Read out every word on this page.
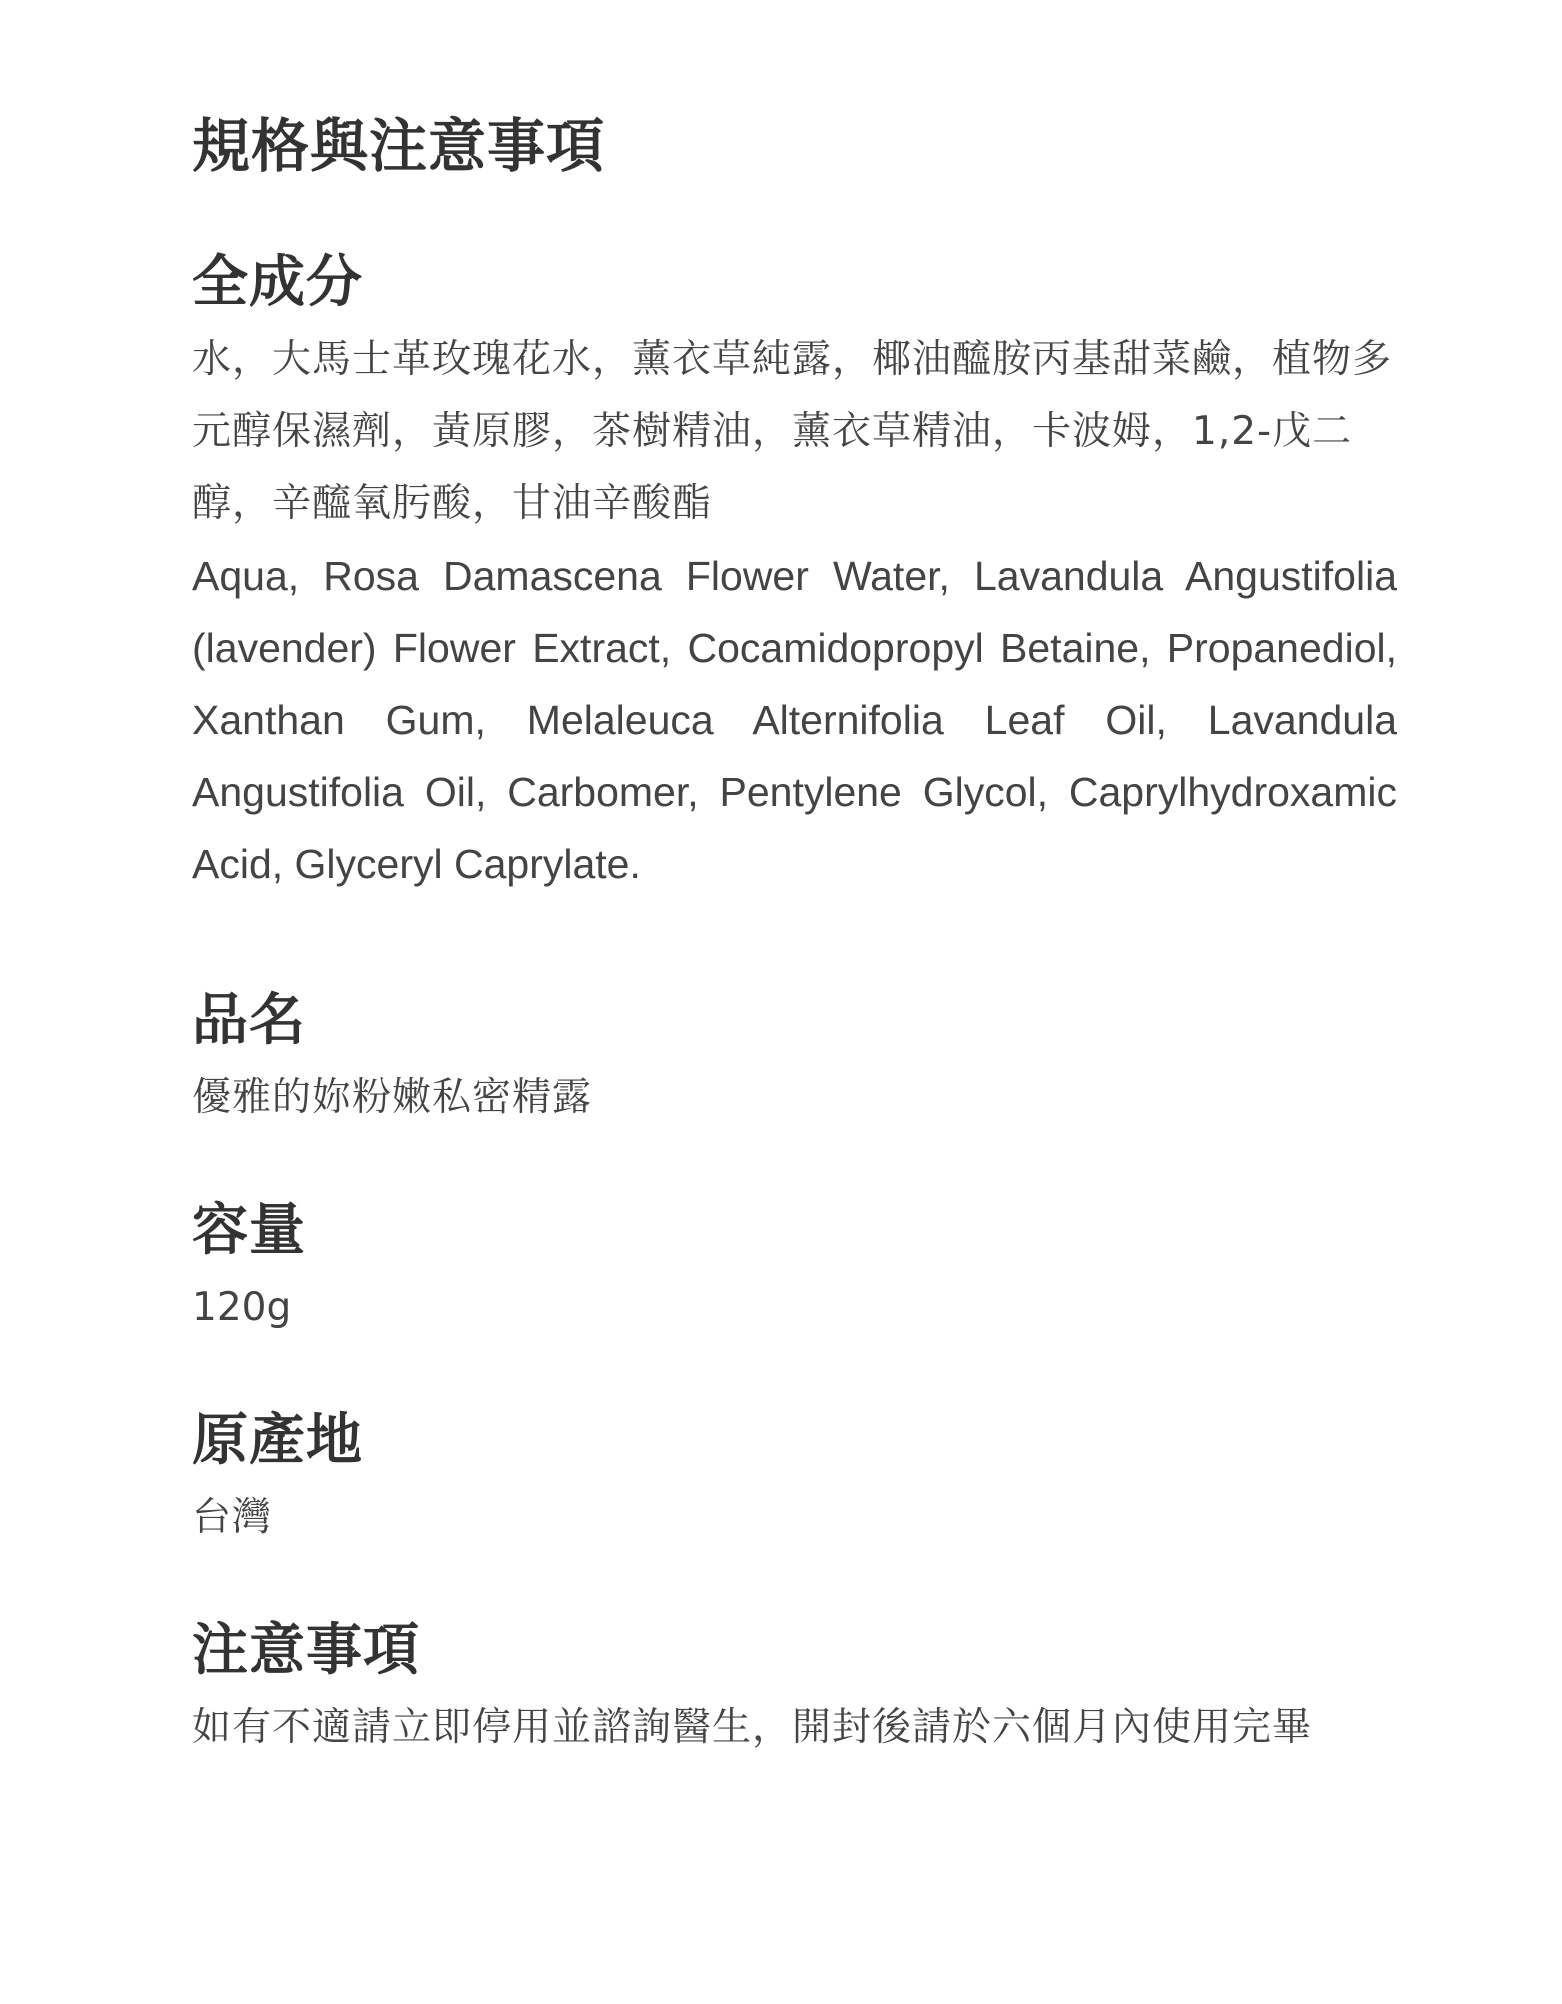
規格與注意事項
全成分

水，大馬士革玫瑰花水，薰衣草純露，椰油醯胺丙基甜菜鹼，植物多元醇保濕劑，黃原膠，茶樹精油，薰衣草精油，卡波姆，1,2-戊二醇，辛醯氧肟酸，甘油辛酸酯

Aqua, Rosa Damascena Flower Water, Lavandula Angustifolia (lavender) Flower Extract, Cocamidopropyl Betaine, Propanediol, Xanthan Gum, Melaleuca Alternifolia Leaf Oil, Lavandula Angustifolia Oil, Carbomer, Pentylene Glycol, Caprylhydroxamic Acid, Glyceryl Caprylate.

品名

優雅的妳粉嫩私密精露

容量

120g

原產地

台灣

注意事項

如有不適請立即停用並諮詢醫生，開封後請於六個月內使用完畢
